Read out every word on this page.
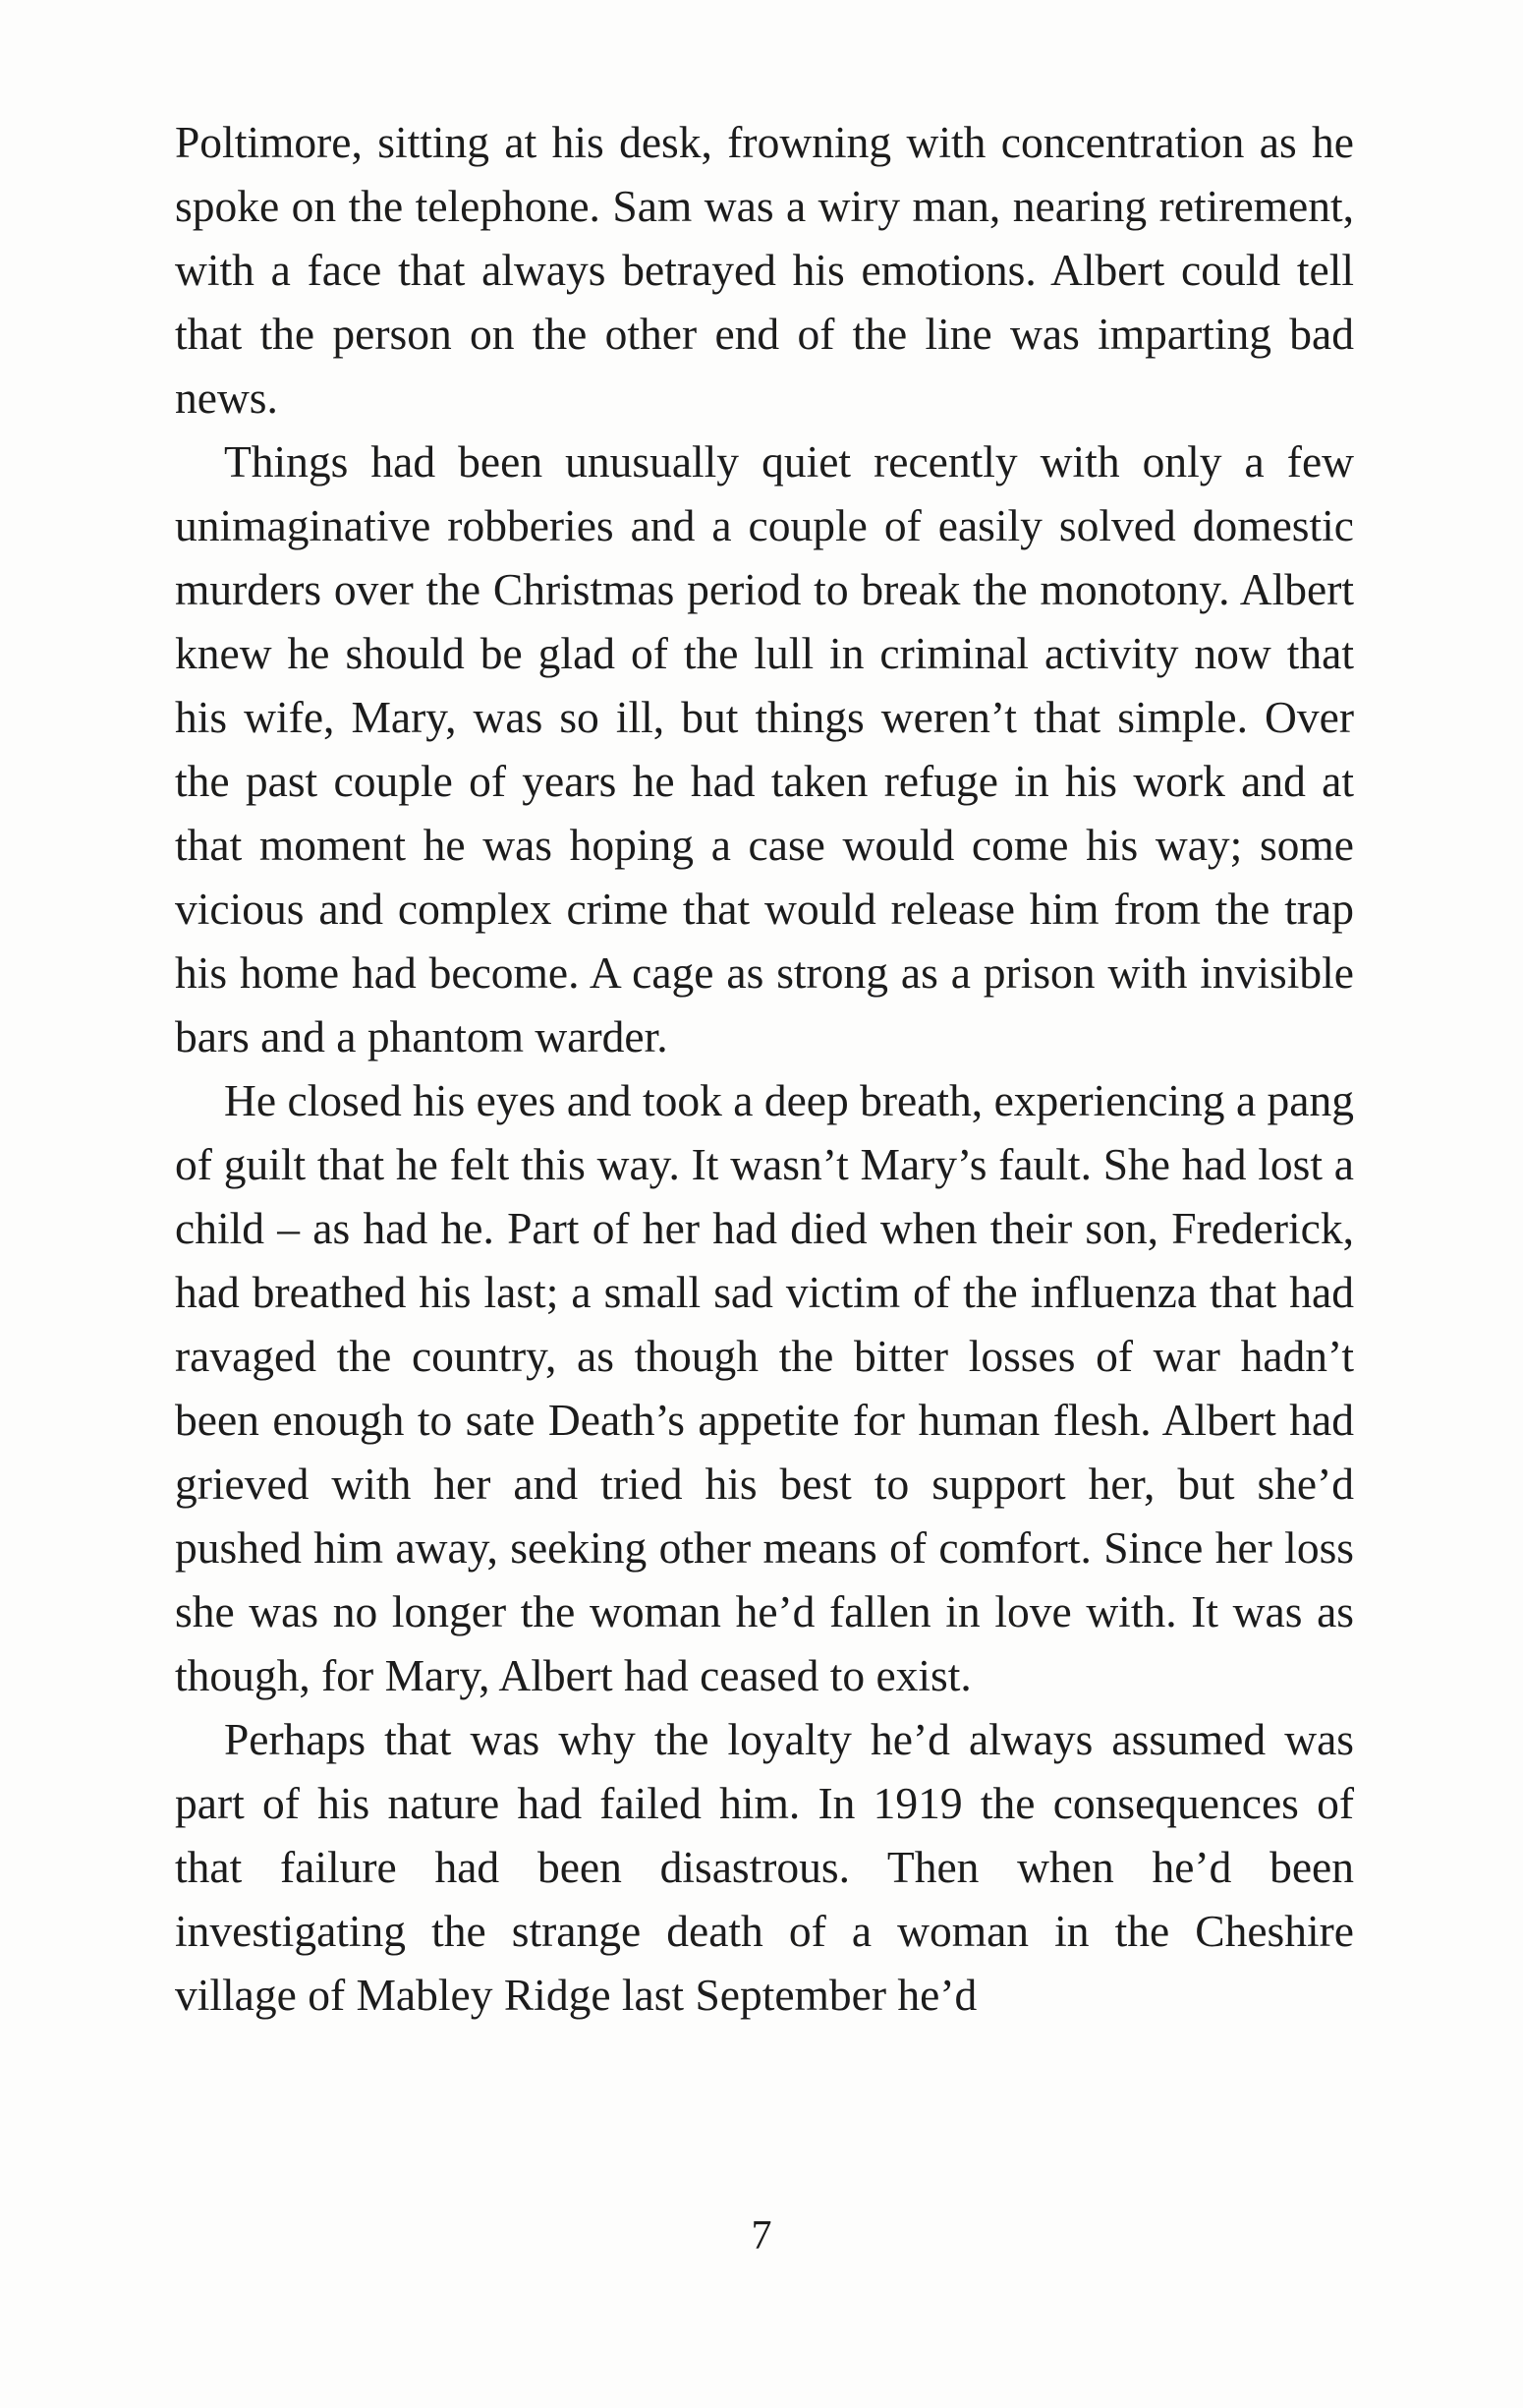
Poltimore, sitting at his desk, frowning with concentration as he spoke on the telephone. Sam was a wiry man, nearing retirement, with a face that always betrayed his emotions. Albert could tell that the person on the other end of the line was imparting bad news.

Things had been unusually quiet recently with only a few unimaginative robberies and a couple of easily solved domestic murders over the Christmas period to break the monotony. Albert knew he should be glad of the lull in criminal activity now that his wife, Mary, was so ill, but things weren’t that simple. Over the past couple of years he had taken refuge in his work and at that moment he was hoping a case would come his way; some vicious and complex crime that would release him from the trap his home had become. A cage as strong as a prison with invisible bars and a phantom warder.

He closed his eyes and took a deep breath, experiencing a pang of guilt that he felt this way. It wasn’t Mary’s fault. She had lost a child – as had he. Part of her had died when their son, Frederick, had breathed his last; a small sad victim of the influenza that had ravaged the country, as though the bitter losses of war hadn’t been enough to sate Death’s appetite for human flesh. Albert had grieved with her and tried his best to support her, but she’d pushed him away, seeking other means of comfort. Since her loss she was no longer the woman he’d fallen in love with. It was as though, for Mary, Albert had ceased to exist.

Perhaps that was why the loyalty he’d always assumed was part of his nature had failed him. In 1919 the consequences of that failure had been disastrous. Then when he’d been investigating the strange death of a woman in the Cheshire village of Mabley Ridge last September he’d

7
